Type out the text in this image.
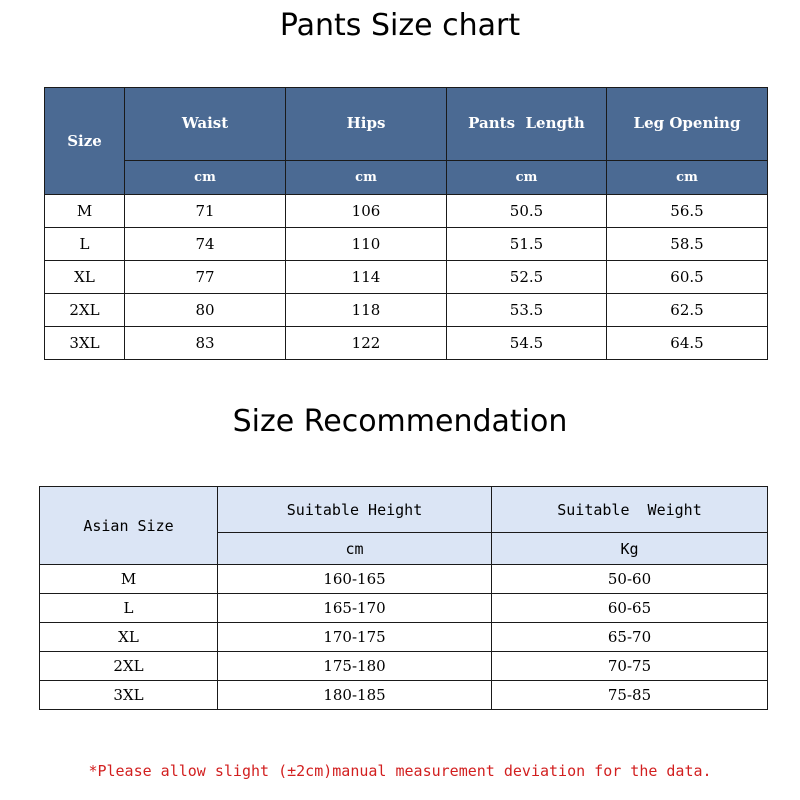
Pants Size chart
Size	Waist	Hips	Pants  Length	Leg Opening
	cm	cm	cm	cm
M	71	106	50.5	56.5
L	74	110	51.5	58.5
XL	77	114	52.5	60.5
2XL	80	118	53.5	62.5
3XL	83	122	54.5	64.5
Size Recommendation
Asian Size	Suitable Height	Suitable  Weight
	cm	Kg
M	160-165	50-60
L	165-170	60-65
XL	170-175	65-70
2XL	175-180	70-75
3XL	180-185	75-85
*Please allow slight (±2cm)manual measurement deviation for the data.
